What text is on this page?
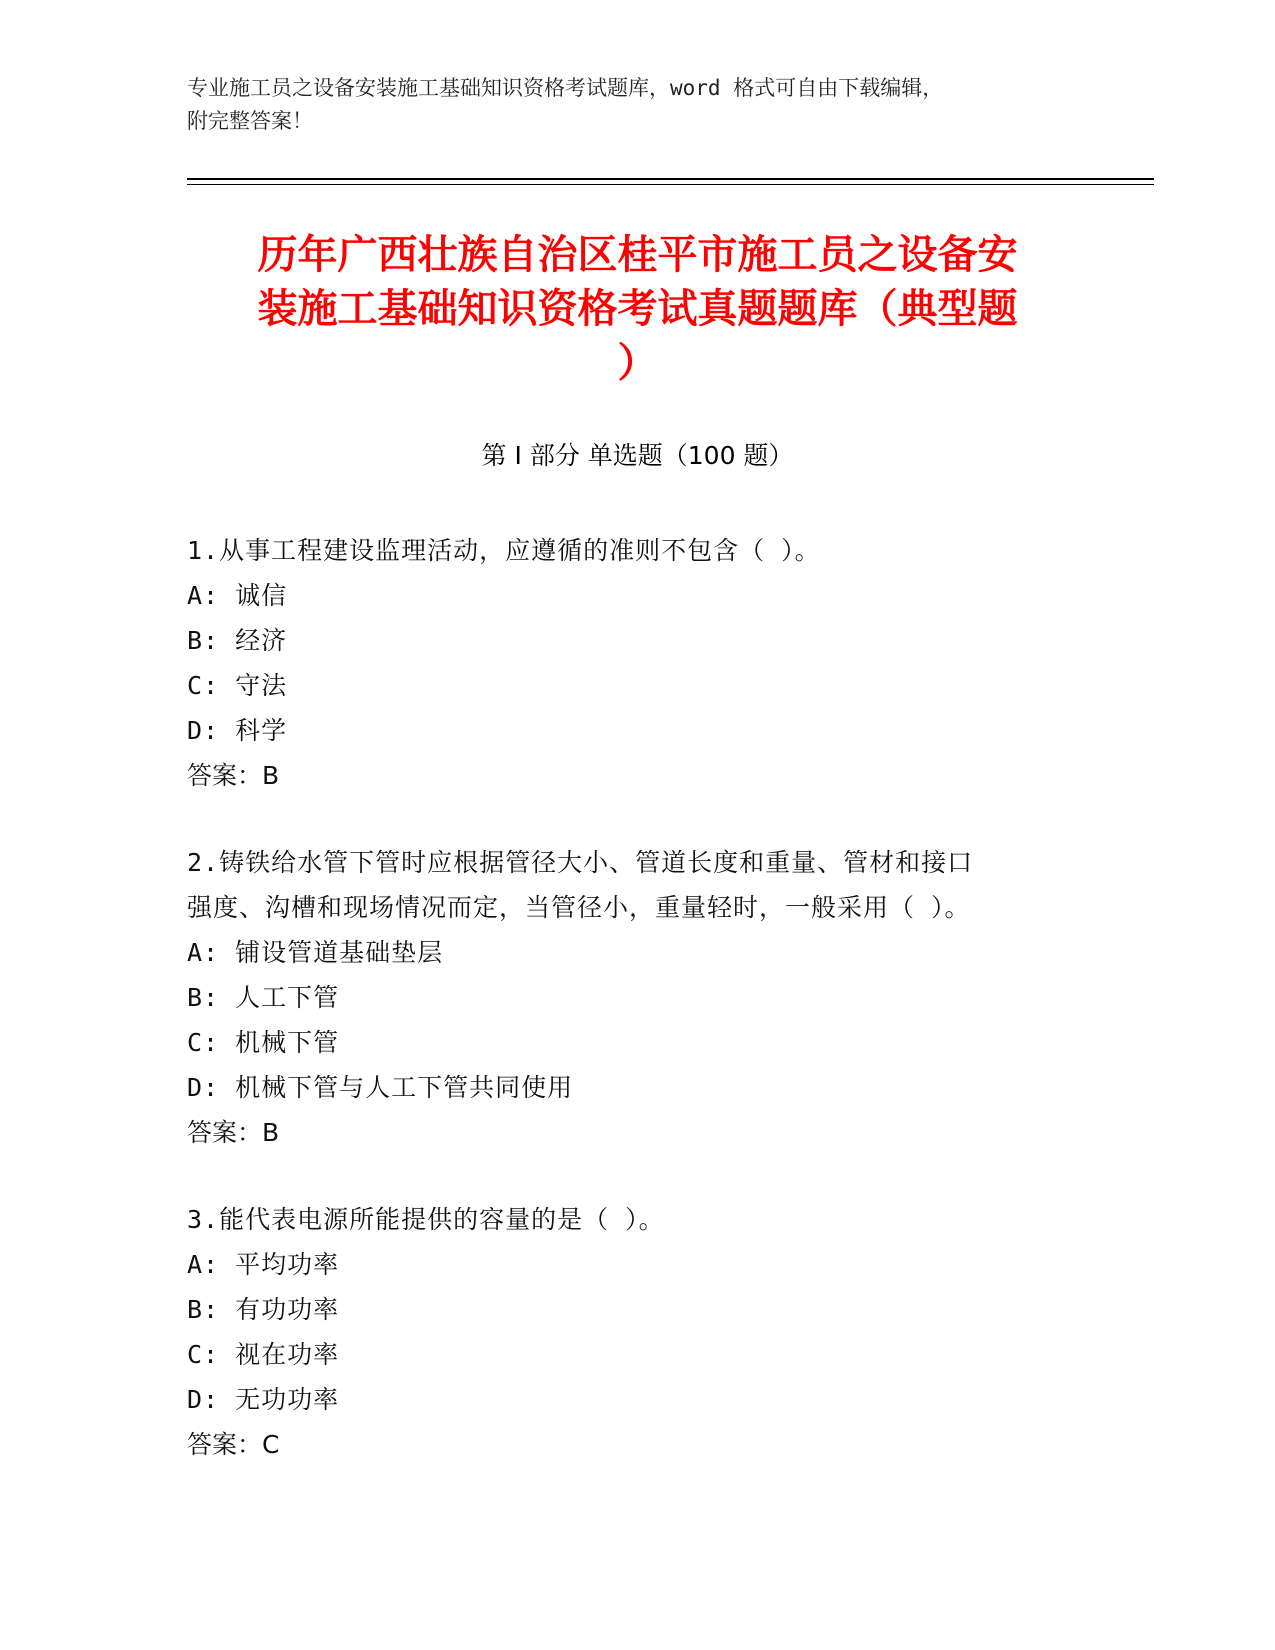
专业施工员之设备安装施工基础知识资格考试题库，word 格式可自由下载编辑，
附完整答案！
历年广西壮族自治区桂平市施工员之设备安
装施工基础知识资格考试真题题库（典型题
）
第 I 部分 单选题（100 题）
1.从事工程建设监理活动，应遵循的准则不包含（ ）。
A: 诚信
B: 经济
C: 守法
D: 科学
答案：B
2.铸铁给水管下管时应根据管径大小、管道长度和重量、管材和接口
强度、沟槽和现场情况而定，当管径小，重量轻时，一般采用（ ）。
A: 铺设管道基础垫层
B: 人工下管
C: 机械下管
D: 机械下管与人工下管共同使用
答案：B
3.能代表电源所能提供的容量的是（ ）。
A: 平均功率
B: 有功功率
C: 视在功率
D: 无功功率
答案：C
